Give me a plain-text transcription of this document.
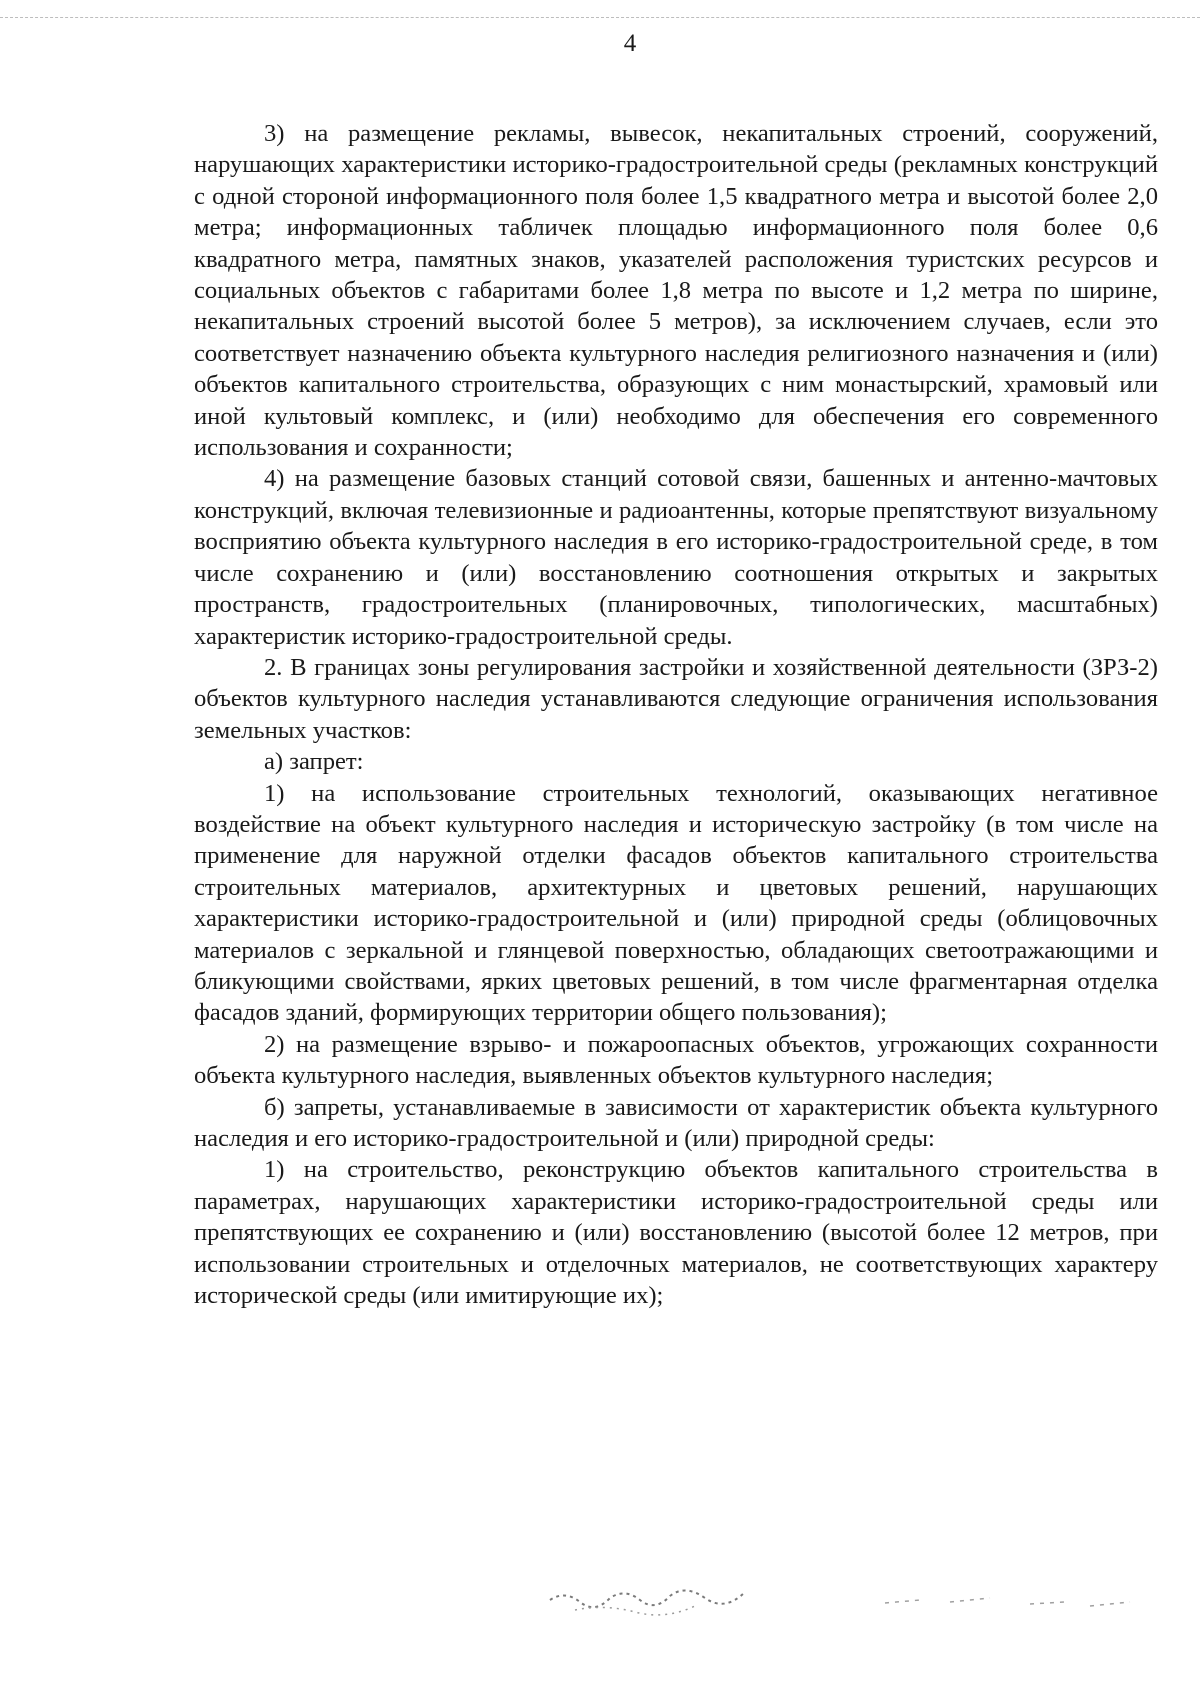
4

3) на размещение рекламы, вывесок, некапитальных строений, сооружений, нарушающих характеристики историко-градостроительной среды (рекламных конструкций с одной стороной информационного поля более 1,5 квадратного метра и высотой более 2,0 метра; информационных табличек площадью информационного поля более 0,6 квадратного метра, памятных знаков, указателей расположения туристских ресурсов и социальных объектов с габаритами более 1,8 метра по высоте и 1,2 метра по ширине, некапитальных строений высотой более 5 метров), за исключением случаев, если это соответствует назначению объекта культурного наследия религиозного назначения и (или) объектов капитального строительства, образующих с ним монастырский, храмовый или иной культовый комплекс, и (или) необходимо для обеспечения его современного использования и сохранности;

4) на размещение базовых станций сотовой связи, башенных и антенно-мачтовых конструкций, включая телевизионные и радиоантенны, которые препятствуют визуальному восприятию объекта культурного наследия в его историко-градостроительной среде, в том числе сохранению и (или) восстановлению соотношения открытых и закрытых пространств, градостроительных (планировочных, типологических, масштабных) характеристик историко-градостроительной среды.

2. В границах зоны регулирования застройки и хозяйственной деятельности (ЗРЗ-2) объектов культурного наследия устанавливаются следующие ограничения использования земельных участков:

а) запрет:

1) на использование строительных технологий, оказывающих негативное воздействие на объект культурного наследия и историческую застройку (в том числе на применение для наружной отделки фасадов объектов капитального строительства строительных материалов, архитектурных и цветовых решений, нарушающих характеристики историко-градостроительной и (или) природной среды (облицовочных материалов с зеркальной и глянцевой поверхностью, обладающих светоотражающими и бликующими свойствами, ярких цветовых решений, в том числе фрагментарная отделка фасадов зданий, формирующих территории общего пользования);

2) на размещение взрыво- и пожароопасных объектов, угрожающих сохранности объекта культурного наследия, выявленных объектов культурного наследия;

б) запреты, устанавливаемые в зависимости от характеристик объекта культурного наследия и его историко-градостроительной и (или) природной среды:

1) на строительство, реконструкцию объектов капитального строительства в параметрах, нарушающих характеристики историко-градостроительной среды или препятствующих ее сохранению и (или) восстановлению (высотой более 12 метров, при использовании строительных и отделочных материалов, не соответствующих характеру исторической среды (или имитирующие их);
